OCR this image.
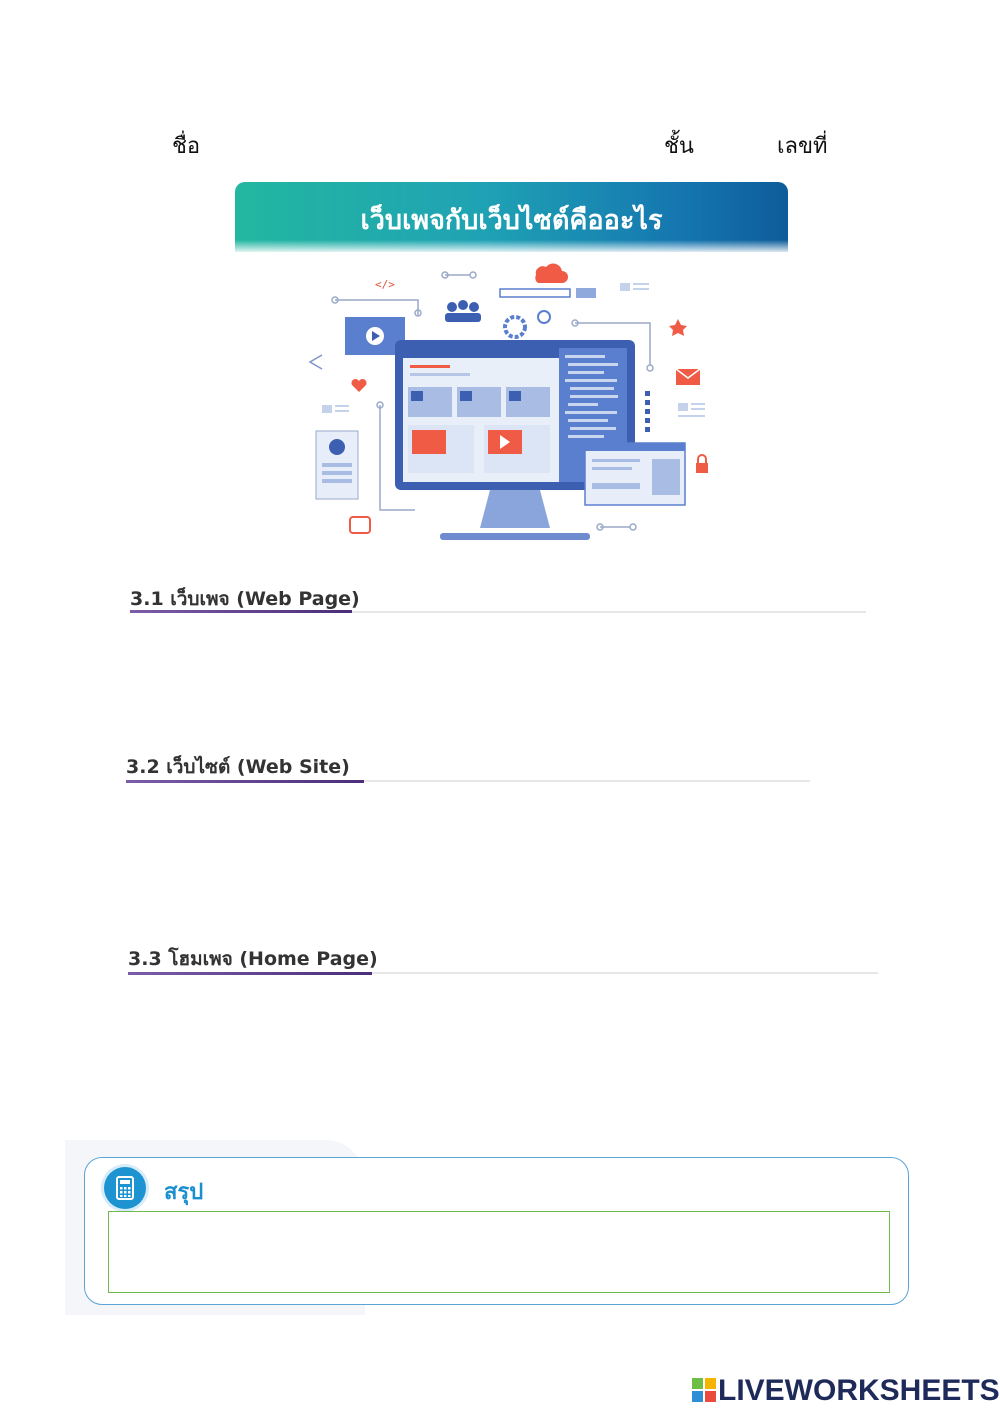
ชื่อ	ชั้น	เลขที่
เว็บเพจกับเว็บไซต์คืออะไร
</>
3.1 เว็บเพจ (Web Page)
3.2 เว็บไซต์ (Web Site)
3.3 โฮมเพจ (Home Page)
สรุป
LIVEWORKSHEETS
